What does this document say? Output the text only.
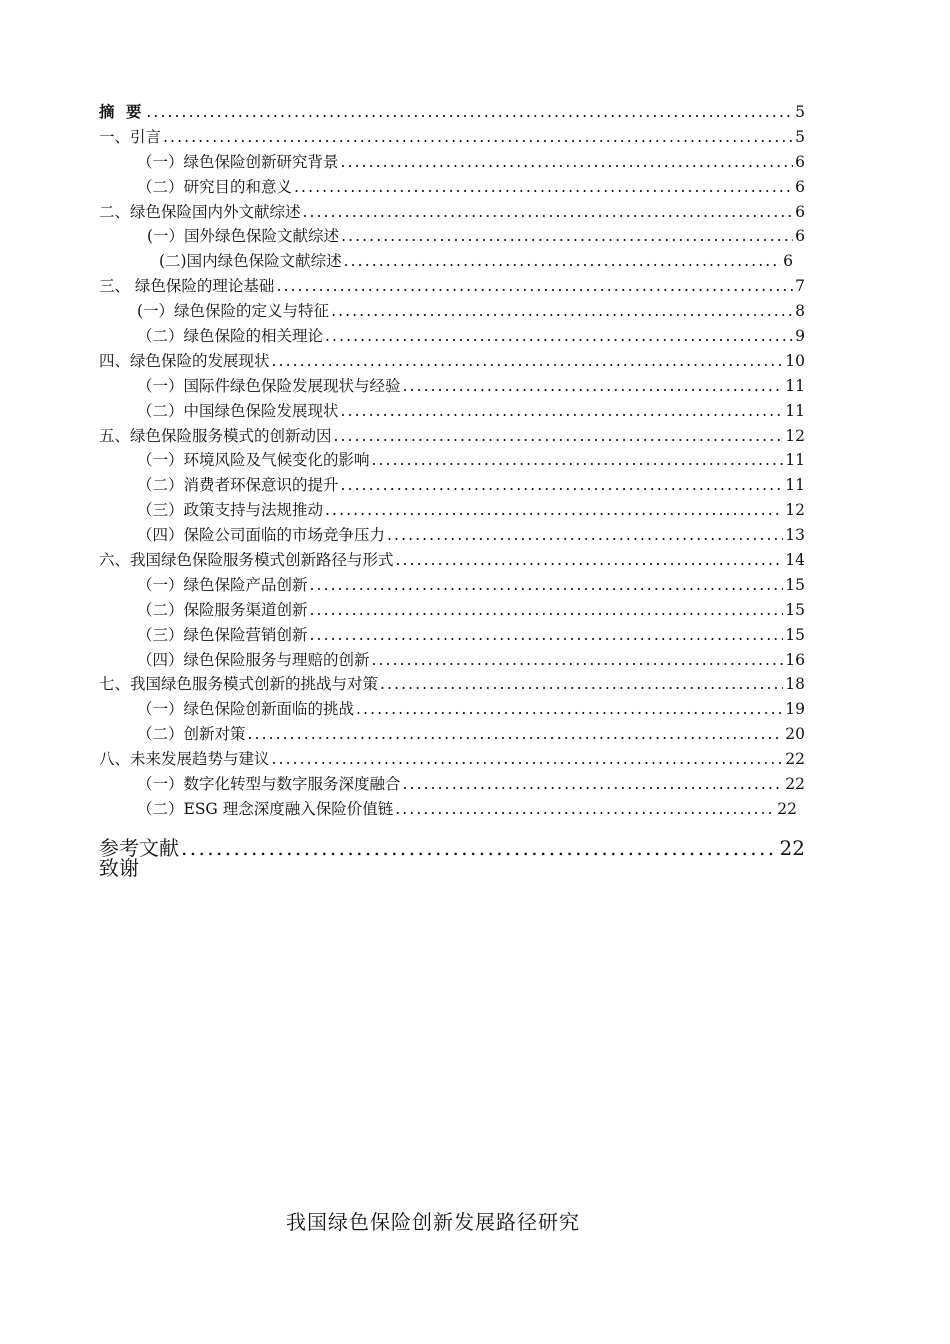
摘 要 .....	5
一、引言 .....	5
（一）绿色保险创新研究背景 .....	6
（二）研究目的和意义 .....	6
二、绿色保险国内外文献综述 .....	6
(一）国外绿色保险文献综述 .....	6
(二)国内绿色保险文献综述 .....	6
三、 绿色保险的理论基础 .....	7
(一）绿色保险的定义与特征 .....	8
（二）绿色保险的相关理论 .....	9
四、绿色保险的发展现状 .....	10
（一）国际件绿色保险发展现状与经验 .....	11
（二）中国绿色保险发展现状 .....	11
五、绿色保险服务模式的创新动因 .....	12
（一）环境风险及气候变化的影响 .....	11
（二）消费者环保意识的提升 .....	11
（三）政策支持与法规推动 .....	12
（四）保险公司面临的市场竞争压力 .....	13
六、我国绿色保险服务模式创新路径与形式 .....	14
（一）绿色保险产品创新 .....	15
（二）保险服务渠道创新 .....	15
（三）绿色保险营销创新 .....	15
（四）绿色保险服务与理赔的创新 .....	16
七、我国绿色服务模式创新的挑战与对策 .....	18
（一）绿色保险创新面临的挑战 .....	19
（二）创新对策 .....	20
八、未来发展趋势与建议 .....	22
（一）数字化转型与数字服务深度融合 .....	22
（二）ESG 理念深度融入保险价值链 .....	22
参考文献 .....	22
致谢
我国绿色保险创新发展路径研究
